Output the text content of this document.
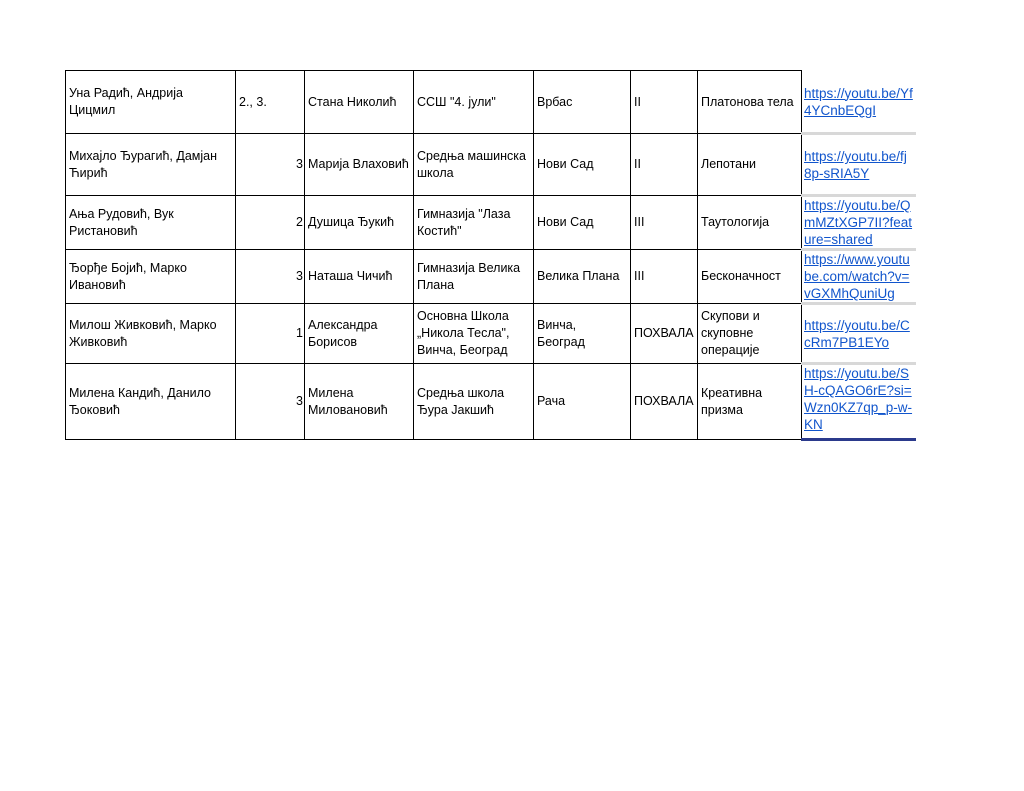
Уна Радић, Андрија Цицмил	2., 3.	Стана Николић	ССШ "4. јули"	Врбас	II	Платонова тела	https://youtu.be/Yf4YCnbEQgI

Михајло Ђурагић, Дамјан Ћирић	3	Марија Влаховић	Средња машинска школа	Нови Сад	II	Лепотани	https://youtu.be/fj8p-sRIA5Y

Ања Рудовић, Вук Ристановић	2	Душица Ђукић	Гимназија "Лаза Костић"	Нови Сад	III	Таутологија	https://youtu.be/QmMZtXGP7II?feature=shared

Ђорђе Бојић, Марко Ивановић	3	Наташа Чичић	Гимназија Велика Плана	Велика Плана	III	Бесконачност	https://www.youtube.com/watch?v=vGXMhQuniUg

Милош Живковић, Марко Живковић	1	Александра Борисов	Основна Школа „Никола Тесла", Винча, Београд	Винча, Београд	ПОХВАЛА	Скупови и скуповне операције	https://youtu.be/CcRm7PB1EYo

Милена Кандић, Данило Ђоковић	3	Милена Миловановић	Средња школа Ђура Јакшић	Рача	ПОХВАЛА	Креативна призма	https://youtu.be/SH-cQAGO6rE?si=Wzn0KZ7qp_p-w-KN
